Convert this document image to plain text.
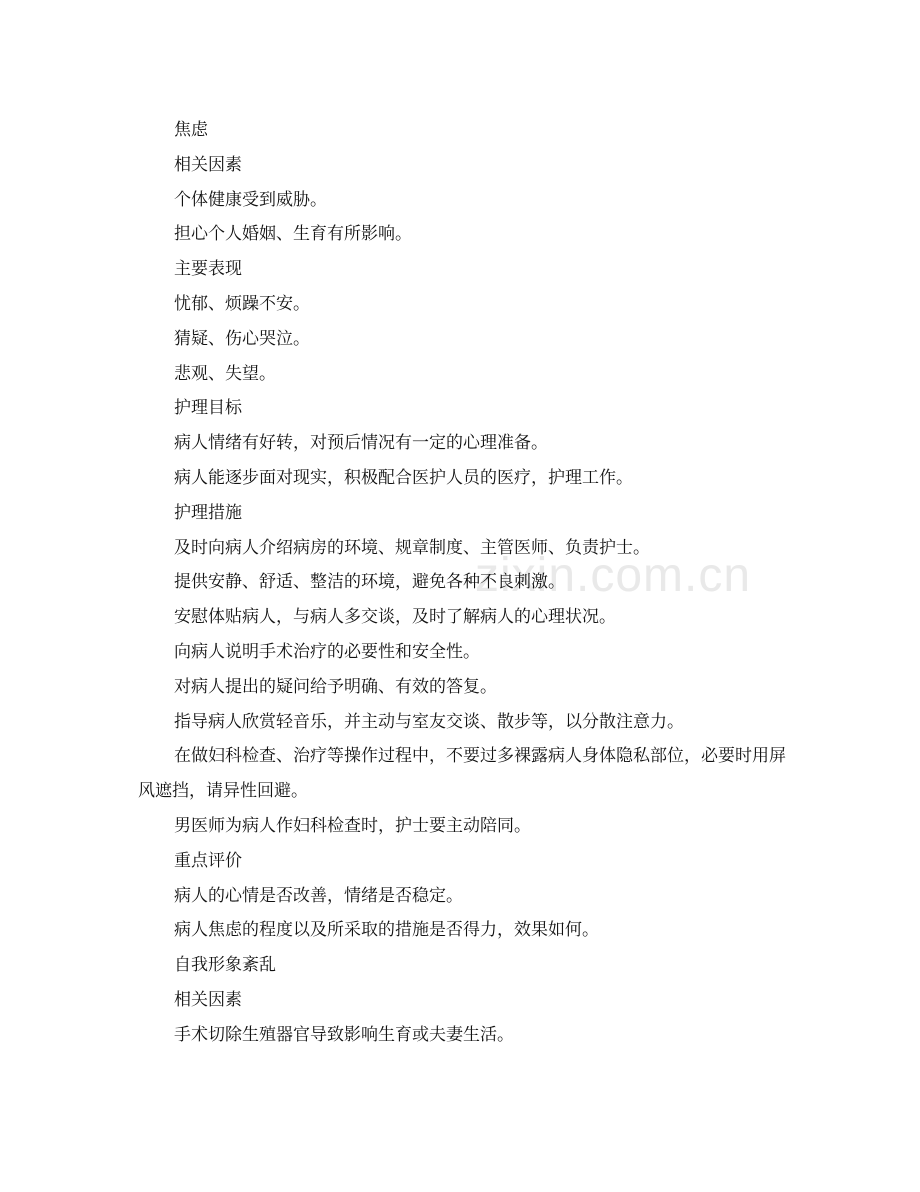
zixin.com.cn

焦虑

相关因素

个体健康受到威胁。

担心个人婚姻、生育有所影响。

主要表现

忧郁、烦躁不安。

猜疑、伤心哭泣。

悲观、失望。

护理目标

病人情绪有好转，对预后情况有一定的心理准备。

病人能逐步面对现实，积极配合医护人员的医疗，护理工作。

护理措施

及时向病人介绍病房的环境、规章制度、主管医师、负责护士。

提供安静、舒适、整洁的环境，避免各种不良刺激。

安慰体贴病人，与病人多交谈，及时了解病人的心理状况。

向病人说明手术治疗的必要性和安全性。

对病人提出的疑问给予明确、有效的答复。

指导病人欣赏轻音乐，并主动与室友交谈、散步等，以分散注意力。

在做妇科检查、治疗等操作过程中，不要过多裸露病人身体隐私部位，必要时用屏风遮挡，请异性回避。

男医师为病人作妇科检查时，护士要主动陪同。

重点评价

病人的心情是否改善，情绪是否稳定。

病人焦虑的程度以及所采取的措施是否得力，效果如何。

自我形象紊乱

相关因素

手术切除生殖器官导致影响生育或夫妻生活。
